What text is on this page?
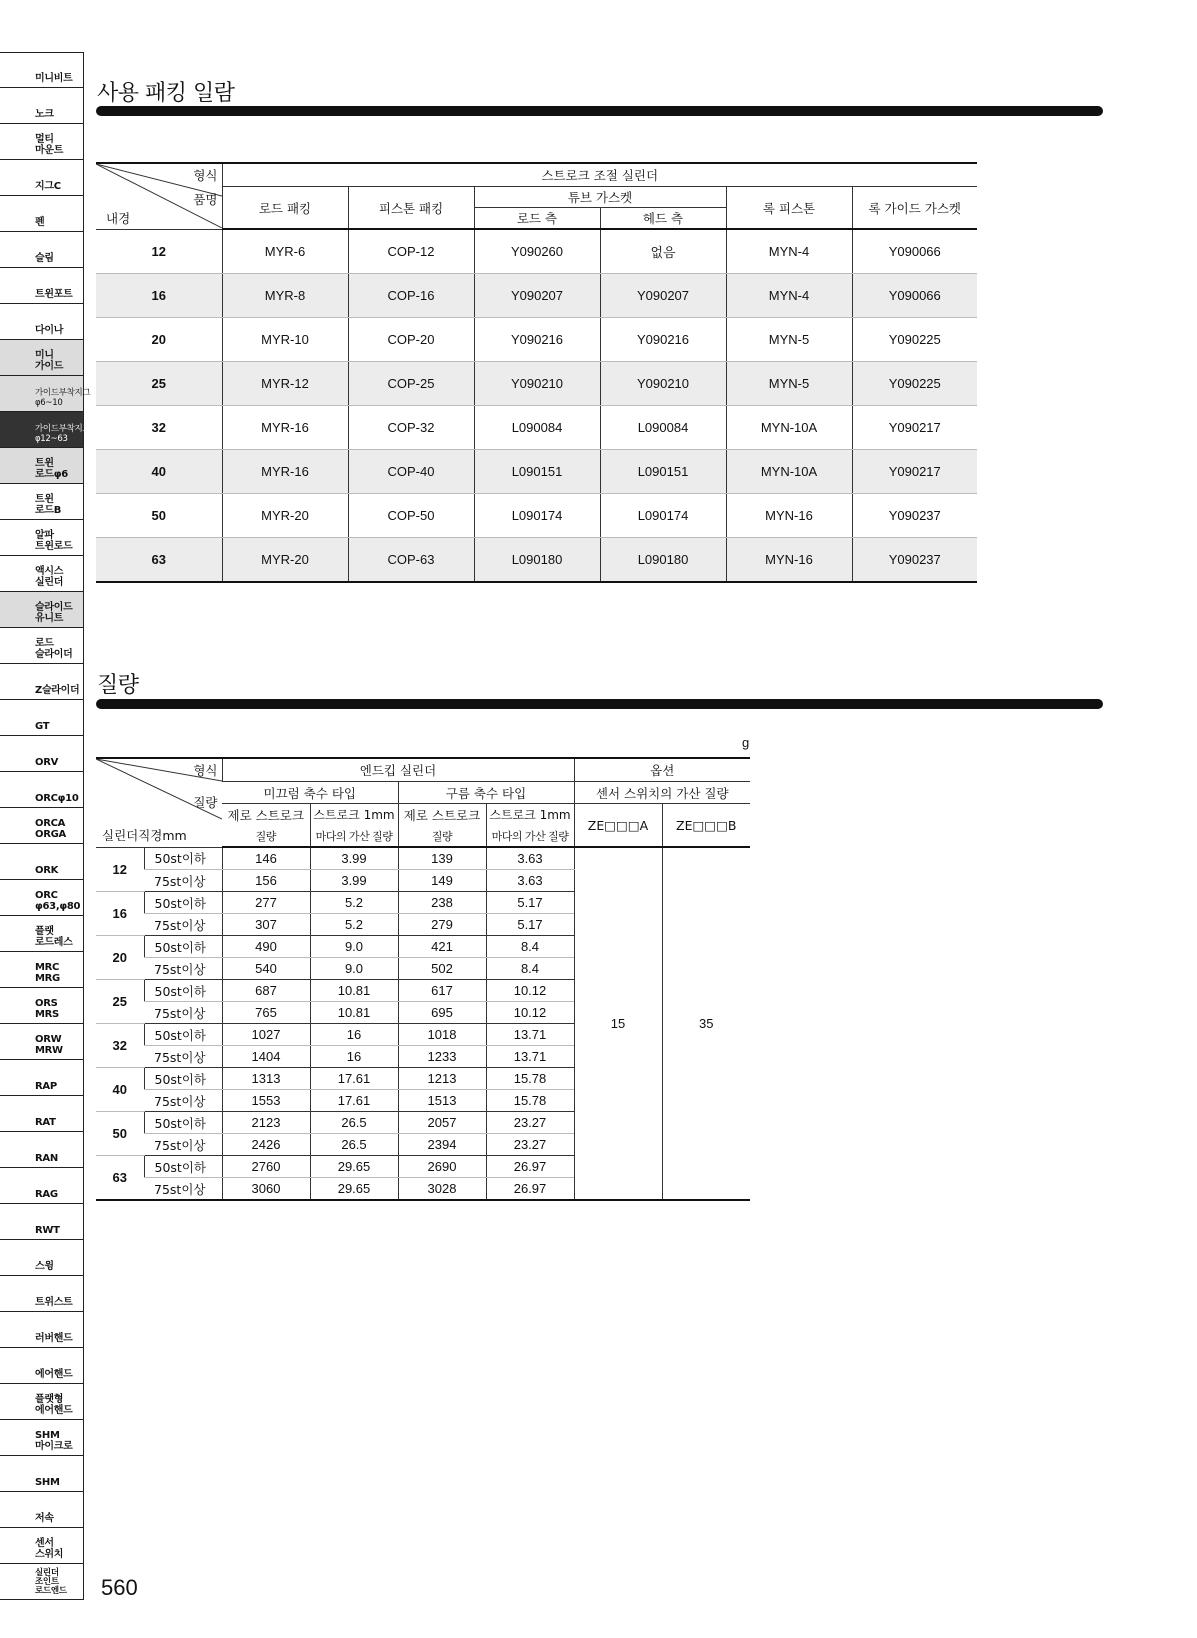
미니비트
노크
멀티
마운트
지그C
펜
슬림
트윈포트
다이나
미니
가이드
가이드부착지그
φ6~10
가이드부착지그
φ12~63
트윈
로드φ6
트윈
로드B
알파
트윈로드
액시스
실린더
슬라이드
유니트
로드
슬라이더
Z슬라이더
GT
ORV
ORCφ10
ORCA
ORGA
ORK
ORC
φ63,φ80
플랫
로드레스
MRC
MRG
ORS
MRS
ORW
MRW
RAP
RAT
RAN
RAG
RWT
스윙
트위스트
러버핸드
에어핸드
플랫형
에어핸드
SHM
마이크로
SHM
저속
센서
스위치
실린더
조인트
로드엔드
사용 패킹 일람
형식
품명
내경	스트로크 조절 실린더					
	로드 패킹	피스톤 패킹	튜브 가스켓		록 피스톤	록 가이드 가스켓
			로드 측	헤드 측		
12	MYR-6	COP-12	Y090260	없음	MYN-4	Y090066
16	MYR-8	COP-16	Y090207	Y090207	MYN-4	Y090066
20	MYR-10	COP-20	Y090216	Y090216	MYN-5	Y090225
25	MYR-12	COP-25	Y090210	Y090210	MYN-5	Y090225
32	MYR-16	COP-32	L090084	L090084	MYN-10A	Y090217
40	MYR-16	COP-40	L090151	L090151	MYN-10A	Y090217
50	MYR-20	COP-50	L090174	L090174	MYN-16	Y090237
63	MYR-20	COP-63	L090180	L090180	MYN-16	Y090237
질량
g
형식
질량
실린더직경mm		엔드킵 실린더				옵션	
		미끄럼 축수 타입		구름 축수 타입		센서 스위치의 가산 질량	
		제로 스트로크	스트로크 1mm	제로 스트로크	스트로크 1mm	ZE□□□A	ZE□□□B
		질량	마다의 가산 질량	질량	마다의 가산 질량		
12	50st이하	146	3.99	139	3.63	15	35
	75st이상	156	3.99	149	3.63		
16	50st이하	277	5.2	238	5.17		
	75st이상	307	5.2	279	5.17		
20	50st이하	490	9.0	421	8.4		
	75st이상	540	9.0	502	8.4		
25	50st이하	687	10.81	617	10.12		
	75st이상	765	10.81	695	10.12		
32	50st이하	1027	16	1018	13.71		
	75st이상	1404	16	1233	13.71		
40	50st이하	1313	17.61	1213	15.78		
	75st이상	1553	17.61	1513	15.78		
50	50st이하	2123	26.5	2057	23.27		
	75st이상	2426	26.5	2394	23.27		
63	50st이하	2760	29.65	2690	26.97		
	75st이상	3060	29.65	3028	26.97		
560
